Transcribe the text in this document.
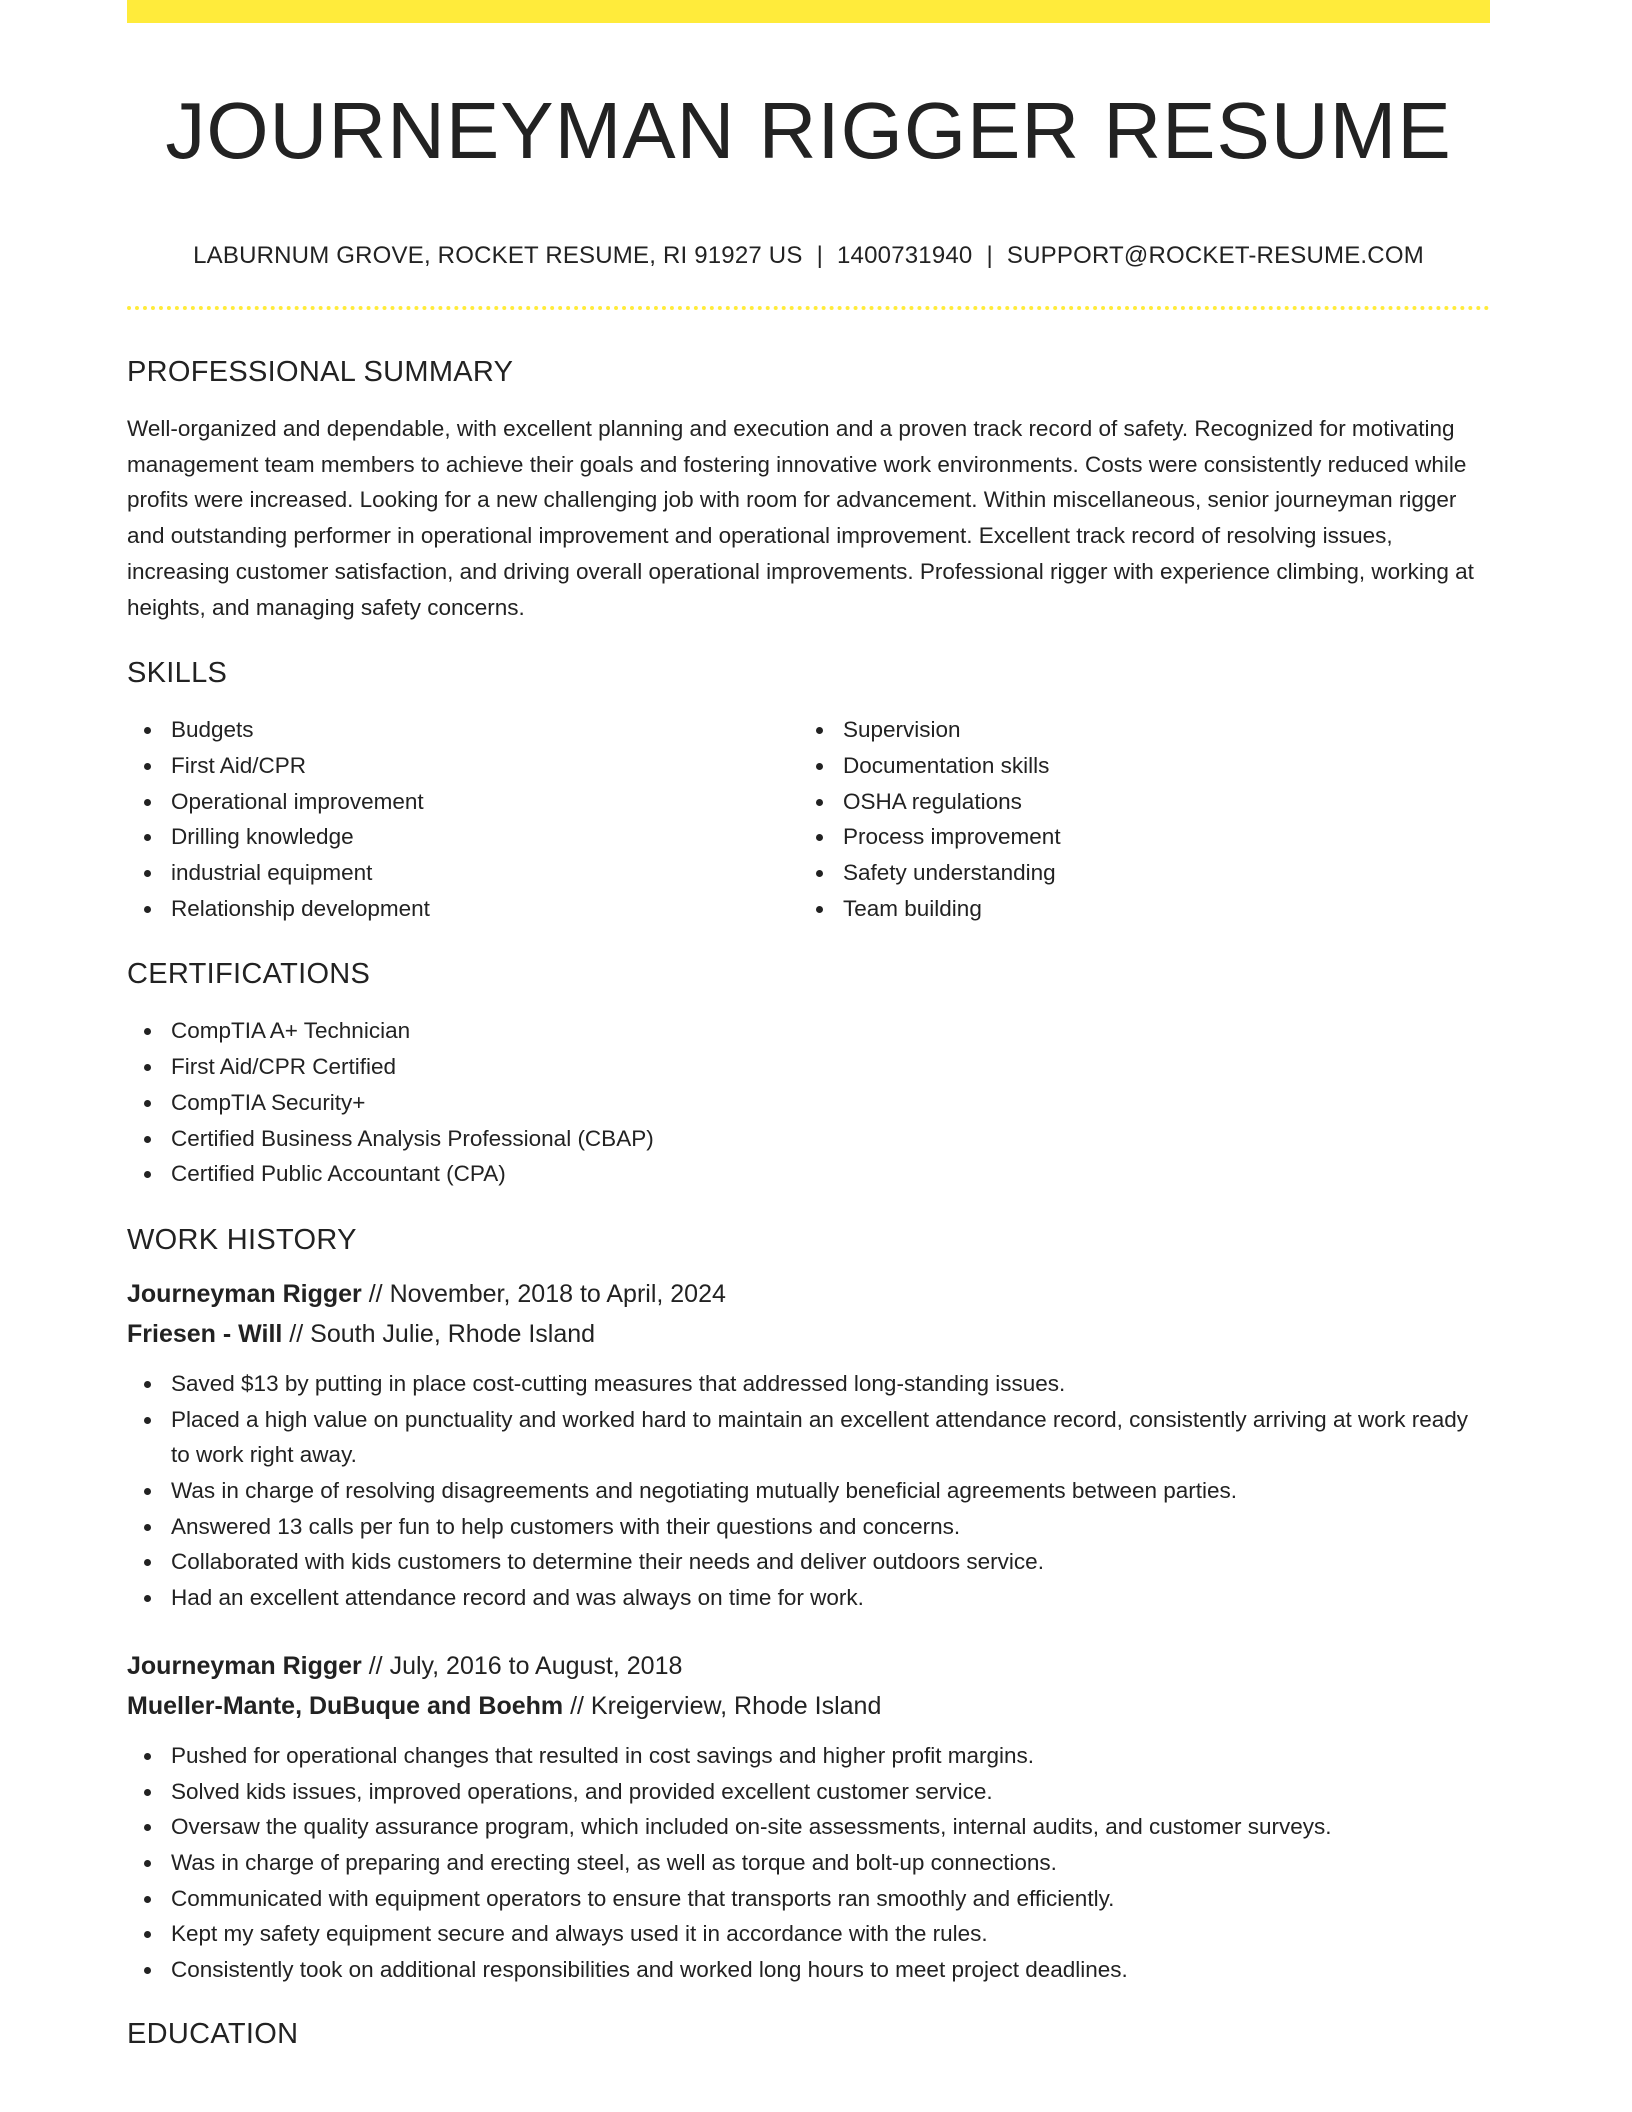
JOURNEYMAN RIGGER RESUME
LABURNUM GROVE, ROCKET RESUME, RI 91927 US | 1400731940 | SUPPORT@ROCKET-RESUME.COM
PROFESSIONAL SUMMARY

Well-organized and dependable, with excellent planning and execution and a proven track record of safety. Recognized for motivating management team members to achieve their goals and fostering innovative work environments. Costs were consistently reduced while profits were increased. Looking for a new challenging job with room for advancement. Within miscellaneous, senior journeyman rigger and outstanding performer in operational improvement and operational improvement. Excellent track record of resolving issues, increasing customer satisfaction, and driving overall operational improvements. Professional rigger with experience climbing, working at heights, and managing safety concerns.

SKILLS
Budgets
First Aid/CPR
Operational improvement
Drilling knowledge
industrial equipment
Relationship development
Supervision
Documentation skills
OSHA regulations
Process improvement
Safety understanding
Team building
CERTIFICATIONS
CompTIA A+ Technician
First Aid/CPR Certified
CompTIA Security+
Certified Business Analysis Professional (CBAP)
Certified Public Accountant (CPA)
WORK HISTORY
Journeyman Rigger // November, 2018 to April, 2024
Friesen - Will // South Julie, Rhode Island
Saved $13 by putting in place cost-cutting measures that addressed long-standing issues.
Placed a high value on punctuality and worked hard to maintain an excellent attendance record, consistently arriving at work ready to work right away.
Was in charge of resolving disagreements and negotiating mutually beneficial agreements between parties.
Answered 13 calls per fun to help customers with their questions and concerns.
Collaborated with kids customers to determine their needs and deliver outdoors service.
Had an excellent attendance record and was always on time for work.
Journeyman Rigger // July, 2016 to August, 2018
Mueller-Mante, DuBuque and Boehm // Kreigerview, Rhode Island
Pushed for operational changes that resulted in cost savings and higher profit margins.
Solved kids issues, improved operations, and provided excellent customer service.
Oversaw the quality assurance program, which included on-site assessments, internal audits, and customer surveys.
Was in charge of preparing and erecting steel, as well as torque and bolt-up connections.
Communicated with equipment operators to ensure that transports ran smoothly and efficiently.
Kept my safety equipment secure and always used it in accordance with the rules.
Consistently took on additional responsibilities and worked long hours to meet project deadlines.
EDUCATION
